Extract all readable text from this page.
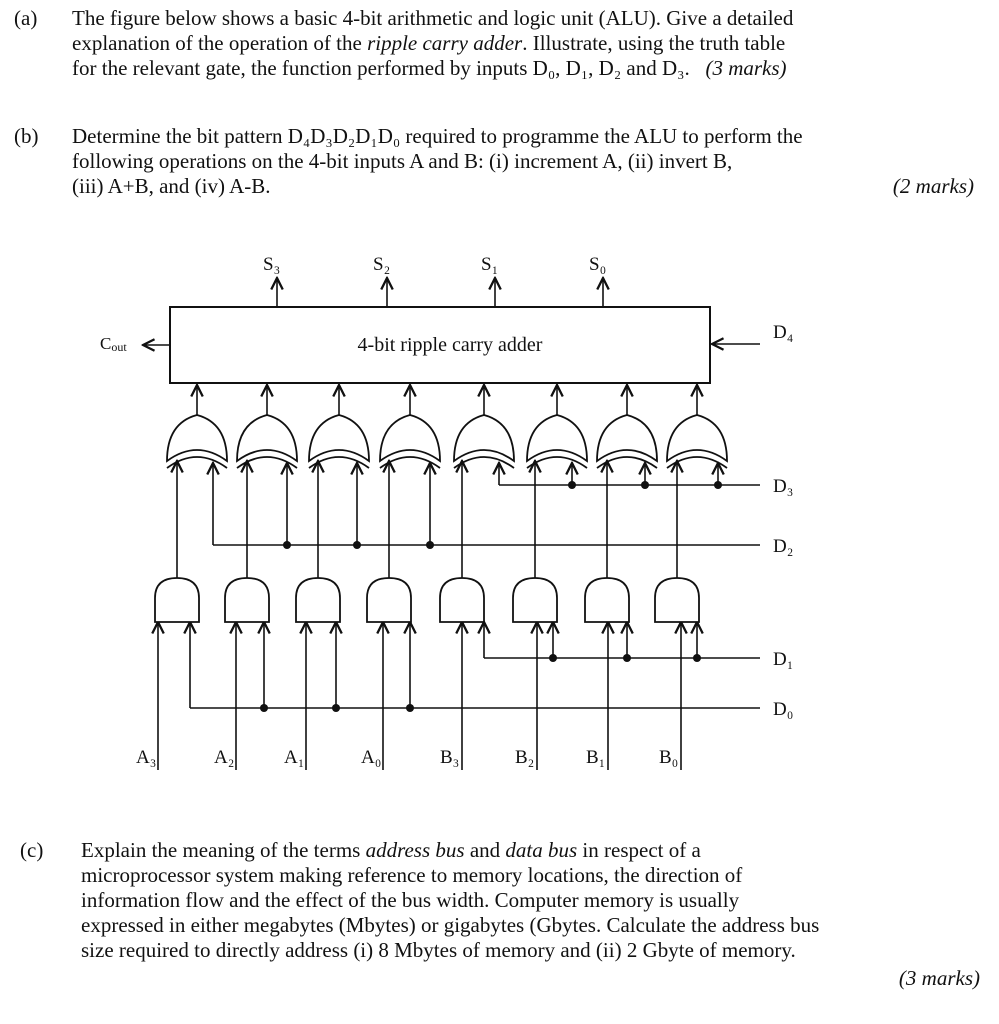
(a) The figure below shows a basic 4-bit arithmetic and logic unit (ALU). Give a detailed

explanation of the operation of the ripple carry adder. Illustrate, using the truth table

for the relevant gate, the function performed by inputs D₀, D₁, D₂ and D₃. (3 marks)

(b) Determine the bit pattern D₄D₃D₂D₁D₀ required to programme the ALU to perform the

following operations on the 4-bit inputs A and B: (i) increment A, (ii) invert B,

(iii) A+B, and (iv) A-B.	(2 marks)
4-bit ripple carry adder
Cout
S₃	S₂	S₁	S₀
D₄
D₃
D₂
D₁
D₀
A₃	A₂	A₁	A₀	B₃	B₂	B₁	B₀
(c) Explain the meaning of the terms address bus and data bus in respect of a

microprocessor system making reference to memory locations, the direction of

information flow and the effect of the bus width. Computer memory is usually

expressed in either megabytes (Mbytes) or gigabytes (Gbytes. Calculate the address bus

size required to directly address (i) 8 Mbytes of memory and (ii) 2 Gbyte of memory.

(3 marks)
